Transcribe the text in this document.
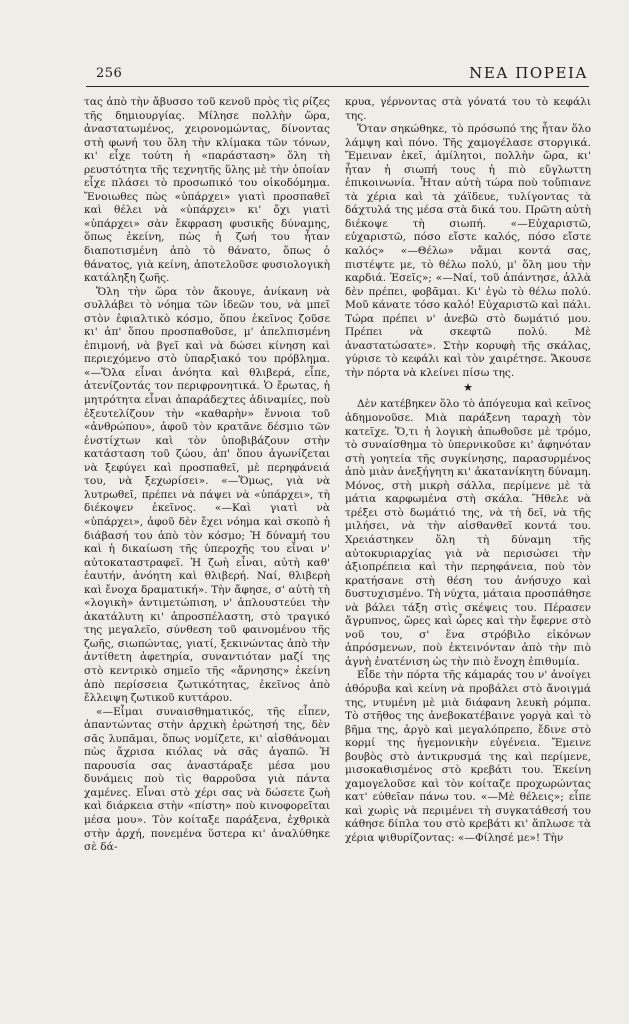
256	ΝΕΑ ΠΟΡΕΙΑ

τας ἀπὸ τὴν ἄβυσσο τοῦ κενοῦ πρὸς τὶς ρίζες τῆς δημιουργίας. Μίλησε πολλὴν ὥρα, ἀναστατωμένος, χειρονομώντας, δίνοντας στὴ φωνή του ὅλη τὴν κλίμακα τῶν τόνων, κι' εἶχε τούτη ἡ «παράσταση» ὅλη τὴ ρευστότητα τῆς τεχνητῆς ὕλης μὲ τὴν ὁποίαν εἶχε πλάσει τὸ προσωπικό του οἰκοδόμημα. Ἔνοιωθες πὼς «ὑπάρχει» γιατὶ προσπαθεῖ καὶ θέλει νὰ «ὑπάρχει» κι' ὄχι γιατὶ «ὑπάρχει» σὰν ἔκφραση φυσικῆς δύναμης, ὅπως ἐκείνη, πὼς ἡ ζωή του ἦταν διαποτισμένη ἀπὸ τὸ θάνατο, ὅπως ὁ θάνατος, γιὰ κείνη, ἀποτελοῦσε φυσιολογικὴ κατάληξη ζωῆς.

Ὅλη τὴν ὥρα τὸν ἄκουγε, ἀνίκανη νὰ συλλάβει τὸ νόημα τῶν ἰδεῶν του, νὰ μπεῖ στὸν ἐφιαλτικὸ κόσμο, ὅπου ἐκεῖνος ζοῦσε κι' ἀπ' ὅπου προσπαθοῦσε, μ' ἀπελπισμένη ἐπιμονή, νὰ βγεῖ καὶ νὰ δώσει κίνηση καὶ περιεχόμενο στὸ ὑπαρξιακό του πρόβλημα. «—Ὅλα εἶναι ἀνόητα καὶ θλιβερά, εἶπε, ἀτενίζοντάς τον περιφρονητικά. Ὁ ἔρωτας, ἡ μητρότητα εἶναι ἀπαράδεχτες ἀδιναμίες, ποὺ ἐξευτελίζουν τὴν «καθαρὴν» ἔννοια τοῦ «ἀνθρώπου», ἀφοῦ τὸν κρατᾶνε δέσμιο τῶν ἐνστίχτων καὶ τὸν ὑποβιβάζουν στὴν κατάσταση τοῦ ζώου, ἀπ' ὅπου ἀγωνίζεται νὰ ξεφύγει καὶ προσπαθεῖ, μὲ περηφάνειά του, νὰ ξεχωρίσει». «—Ὅμως, γιὰ νὰ λυτρωθεῖ, πρέπει νὰ πάψει νὰ «ὑπάρχει», τὴ διέκοψεν ἐκεῖνος. «—Καὶ γιατὶ νὰ «ὑπάρχει», ἀφοῦ δὲν ἔχει νόημα καὶ σκοπὸ ἡ διάβασή του ἀπὸ τὸν κόσμο; Ἡ δύναμή του καὶ ἡ δικαίωση τῆς ὑπεροχῆς του εἶναι ν' αὐτοκαταστραφεῖ. Ἡ ζωὴ εἶναι, αὐτὴ καθ' ἑαυτήν, ἀνόητη καὶ θλιβερή. Ναί, θλιβερὴ καὶ ἔνοχα δραματική». Τὴν ἄφησε, σ' αὐτὴ τὴ «λογικὴ» ἀντιμετώπιση, ν' ἁπλουστεύει τὴν ἀκατάλυτη κι' ἀπροσπέλαστη, στὸ τραγικό της μεγαλεῖο, σύνθεση τοῦ φαινομένου τῆς ζωῆς, σιωπώντας, γιατί, ξεκινώντας ἀπὸ τὴν ἀντίθετη ἀφετηρία, συναντιόταν μαζί της στὸ κεντρικὸ σημεῖο τῆς «ἄρνησης» ἐκείνη ἀπὸ περίσσεια ζωτικότητας, ἐκεῖνος ἀπὸ ἔλλειψη ζωτικοῦ κυττάρου.

«—Εἶμαι συναισθηματικός, τῆς εἶπεν, ἀπαντώντας στὴν ἀρχικὴ ἐρώτησή της, δὲν σᾶς λυπᾶμαι, ὅπως νομίζετε, κι' αἰσθάνομαι πὼς ἄχρισα κιόλας νὰ σᾶς ἀγαπῶ. Ἡ παρουσία σας ἀναστάραξε μέσα μου δυνάμεις ποὺ τὶς θαρροῦσα γιὰ πάντα χαμένες. Εἶναι στὸ χέρι σας νὰ δώσετε ζωὴ καὶ διάρκεια στὴν «πίστη» ποὺ κινοφορεῖται μέσα μου». Τὸν κοίταξε παράξενα, ἐχθρικὰ στὴν ἀρχή, πονεμένα ὕστερα κι' ἀναλύθηκε σὲ δά-

κρυα, γέρνοντας στὰ γόνατά του τὸ κεφάλι της.

Ὅταν σηκώθηκε, τὸ πρόσωπό της ἦταν ὅλο λάμψη καὶ πόνο. Τῆς χαμογέλασε στοργικά. Ἔμειναν ἐκεῖ, ἀμίλητοι, πολλὴν ὥρα, κι' ἦταν ἡ σιωπή τους ἡ πιὸ εὔγλωττη ἐπικοινωνία. Ἦταν αὐτὴ τώρα ποὺ τοὔπιανε τὰ χέρια καὶ τὰ χάϊδευε, τυλίγοντας τὰ δάχτυλά της μέσα στὰ δικά του. Πρῶτη αὐτὴ διέκοψε τὴ σιωπή. «—Εὐχαριστῶ, εὐχαριστῶ, πόσο εἴστε καλός, πόσο εἴστε καλός» «—Θέλω» νἄμαι κοντά σας, πιστέψτε με, τὸ θέλω πολύ, μ' ὅλη μου τὴν καρδιά. Ἐσεῖς»; «—Ναί, τοῦ ἀπάντησε, ἀλλὰ δὲν πρέπει, φοβᾶμαι. Κι' ἐγὼ τὸ θέλω πολύ. Μοῦ κάνατε τόσο καλό! Εὐχαριστῶ καὶ πάλι. Τώρα πρέπει ν' ἀνεβῶ στὸ δωμάτιό μου. Πρέπει νὰ σκεφτῶ πολύ. Μὲ ἀναστατώσατε». Στὴν κορυφὴ τῆς σκάλας, γύρισε τὸ κεφάλι καὶ τὸν χαιρέτησε. Ἄκουσε τὴν πόρτα νὰ κλείνει πίσω της.

★

Δὲν κατέβηκεν ὅλο τὸ ἀπόγευμα καὶ κεῖνος ἀδημονοῦσε. Μιὰ παράξενη ταραχὴ τὸν κατεῖχε. Ὅ,τι ἡ λογικὴ ἀπωθοῦσε μὲ τρόμο, τὸ συναίσθημα τὸ ὑπερνικοῦσε κι' ἀφηνόταν στὴ γοητεία τῆς συγκίνησης, παρασυρμένος ἀπὸ μιὰν ἀνεξήγητη κι' ἀκατανίκητη δύναμη. Μόνος, στὴ μικρὴ σάλλα, περίμενε μὲ τὰ μάτια καρφωμένα στὴ σκάλα. Ἤθελε νὰ τρέξει στὸ δωμάτιό της, νὰ τὴ δεῖ, νὰ τῆς μιλήσει, νὰ τὴν αἰσθανθεῖ κοντά του. Χρειάστηκεν ὅλη τὴ δύναμη τῆς αὐτοκυριαρχίας γιὰ νὰ περισώσει τὴν ἀξιοπρέπεια καὶ τὴν περηφάνεια, ποὺ τὸν κρατήσανε στὴ θέση του ἀνήσυχο καὶ δυστυχισμένο. Τὴ νύχτα, μάταια προσπάθησε νὰ βάλει τάξη στὶς σκέψεις του. Πέρασεν ἄγρυπνος, ὥρες καὶ ὧρες καὶ τὴν ἔφερνε στὸ νοῦ του, σ' ἕνα στρόβιλο εἰκόνων ἀπρόσμενων, ποὺ ἐκτεινόνταν ἀπὸ τὴν πιὸ ἁγνὴ ἐνατένιση ὡς τὴν πιὸ ἔνοχη ἐπιθυμία.

Εἶδε τὴν πόρτα τῆς κάμαράς του ν' ἀνοίγει ἀθόρυβα καὶ κείνη νὰ προβάλει στὸ ἄνοιγμά της, ντυμένη μὲ μιὰ διάφανη λευκὴ ρόμπα. Τὸ στῆθος της ἀνεβοκατέβαινε γοργὰ καὶ τὸ βῆμα της, ἀργὸ καὶ μεγαλόπρεπο, ἔδινε στὸ κορμί της ἡγεμονικὴν εὐγένεια. Ἔμεινε βουβὸς στὸ ἀντικρυσμά της καὶ περίμενε, μισοκαθισμένος στὸ κρεβάτι του. Ἐκείνη χαμογελοῦσε καὶ τὸν κοίταζε προχωρώντας κατ' εὐθεῖαν πάνω του. «—Μὲ θέλεις»; εἶπε καὶ χωρὶς νὰ περιμένει τὴ συγκατάθεσή του κάθησε δίπλα του στὸ κρεβάτι κι' ἅπλωσε τὰ χέρια ψιθυρίζοντας: «—Φίλησέ με»! Τὴν
